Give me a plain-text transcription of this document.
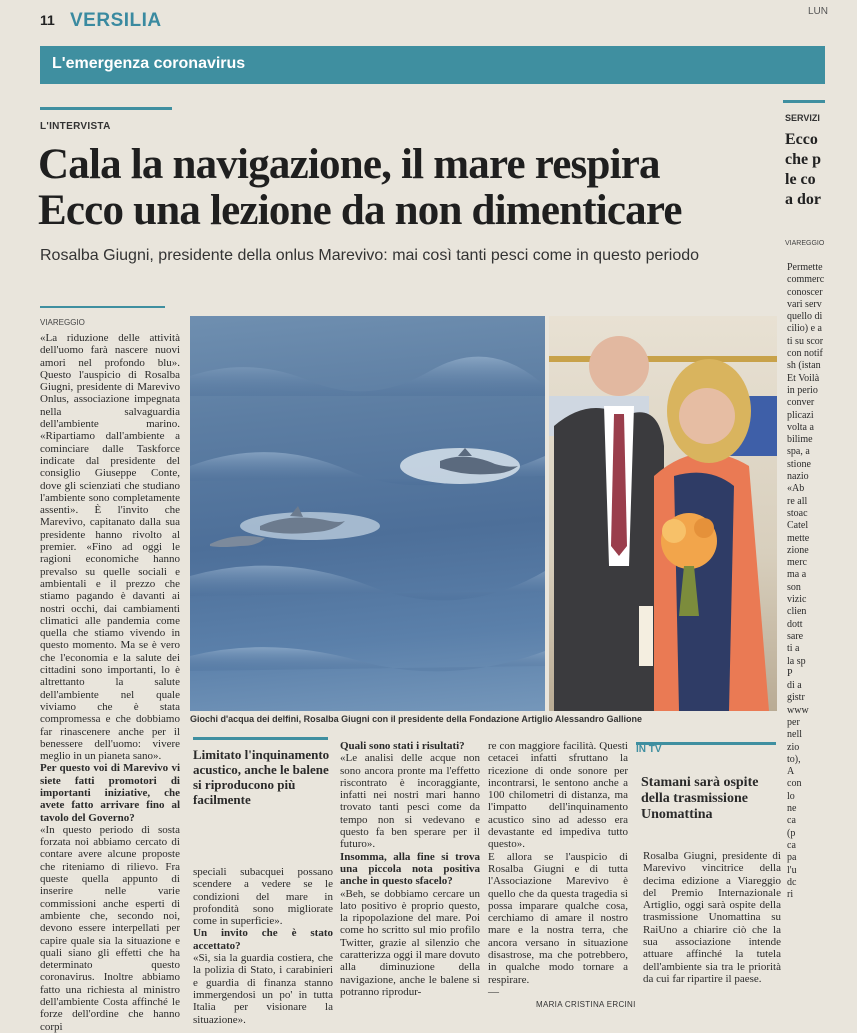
11 VERSILIA	LUN
L'emergenza coronavirus
L'INTERVISTA
Cala la navigazione, il mare respira
Ecco una lezione da non dimenticare
Rosalba Giugni, presidente della onlus Marevivo: mai così tanti pesci come in questo periodo
VIAREGGIO

«La riduzione delle attività dell'uomo farà nascere nuovi amori nel profondo blu». Questo l'auspicio di Rosalba Giugni, presidente di Marevivo Onlus, associazione impegnata nella salvaguardia dell'ambiente marino. «Ripartiamo dall'ambiente a cominciare dalle Taskforce indicate dal presidente del consiglio Giuseppe Conte, dove gli scienziati che studiano l'ambiente sono completamente assenti». È l'invito che Marevivo, capitanato dalla sua presidente hanno rivolto al premier. «Fino ad oggi le ragioni economiche hanno prevalso su quelle sociali e ambientali e il prezzo che stiamo pagando è davanti ai nostri occhi, dai cambiamenti climatici alle pandemia come quella che stiamo vivendo in questo momento. Ma se è vero che l'economia e la salute dei cittadini sono importanti, lo è altrettanto la salute dell'ambiente nel quale viviamo che è stata compromessa e che dobbiamo far rinascenere anche per il benessere dell'uomo: vivere meglio in un pianeta sano».

Per questo voi di Marevivo vi siete fatti promotori di importanti iniziative, che avete fatto arrivare fino al tavolo del Governo?

«In questo periodo di sosta forzata noi abbiamo cercato di contare avere alcune proposte che riteniamo di rilievo. Fra queste quella appunto di inserire nelle varie commissioni anche esperti di ambiente che, secondo noi, devono essere interpellati per capire quale sia la situazione e quali siano gli effetti che ha determinato questo coronavirus. Inoltre abbiamo fatto una richiesta al ministro dell'ambiente Costa affinché le forze dell'ordine che hanno corpi

Giochi d'acqua dei delfini, Rosalba Giugni con il presidente della Fondazione Artiglio Alessandro Gallione
Limitato l'inquinamento acustico, anche le balene si riproducono più facilmente

speciali subacquei possano scendere a vedere se le condizioni del mare in profondità sono migliorate come in superficie».

Un invito che è stato accettato?

«Sì, sia la guardia costiera, che la polizia di Stato, i carabinieri e guardia di finanza stanno immergendosi un po' in tutta Italia per visionare la situazione».

Quali sono stati i risultati?

«Le analisi delle acque non sono ancora pronte ma l'effetto riscontrato è incoraggiante, infatti nei nostri mari hanno trovato tanti pesci come da tempo non si vedevano e questo fa ben sperare per il futuro».

Insomma, alla fine si trova una piccola nota positiva anche in questo sfacelo?

«Beh, se dobbiamo cercare un lato positivo è proprio questo, la ripopolazione del mare. Poi come ho scritto sul mio profilo Twitter, grazie al silenzio che caratterizza oggi il mare dovuto alla diminuzione della navigazione, anche le balene si potranno riprodur-

re con maggiore facilità. Questi cetacei infatti sfruttano la ricezione di onde sonore per incontrarsi, le sentono anche a 100 chilometri di distanza, ma l'impatto dell'inquinamento acustico sino ad adesso era devastante ed impediva tutto questo».

E allora se l'auspicio di Rosalba Giugni e di tutta l'Associazione Marevivo è quello che da questa tragedia si possa imparare qualche cosa, cerchiamo di amare il nostro mare e la nostra terra, che ancora versano in situazione disastrose, ma che potrebbero, in qualche modo tornare a respirare.

—

MARIA CRISTINA ERCINI
IN TV
Stamani sarà ospite della trasmissione Unomattina
Rosalba Giugni, presidente di Marevivo vincitrice della decima edizione a Viareggio del Premio Internazionale Artiglio, oggi sarà ospite della trasmissione Unomattina su RaiUno a chiarire ciò che la sua associazione intende attuare affinché la tutela dell'ambiente sia tra le priorità da cui far ripartire il paese.
SERVIZI
Ecco
che p
le co
a dor
VIAREGGIO
Permette
commerc
conoscer
vari serv
quello di
cilio) e a
ti su scor
con notif
sh (istan
Et Voilà
in perio
conver
plicazi
volta a
bilime
spa, a
stione
nazio
«Ab
re all
stoac
Catel
mette
zione
merc
ma a
son
vizic
clien
dott
sare
ti a
la sp
P
di a
gistr
www
per
nell
zio
to),
A
con
lo
ne
ca
(p
ca
pa
l'u
dc
ri
